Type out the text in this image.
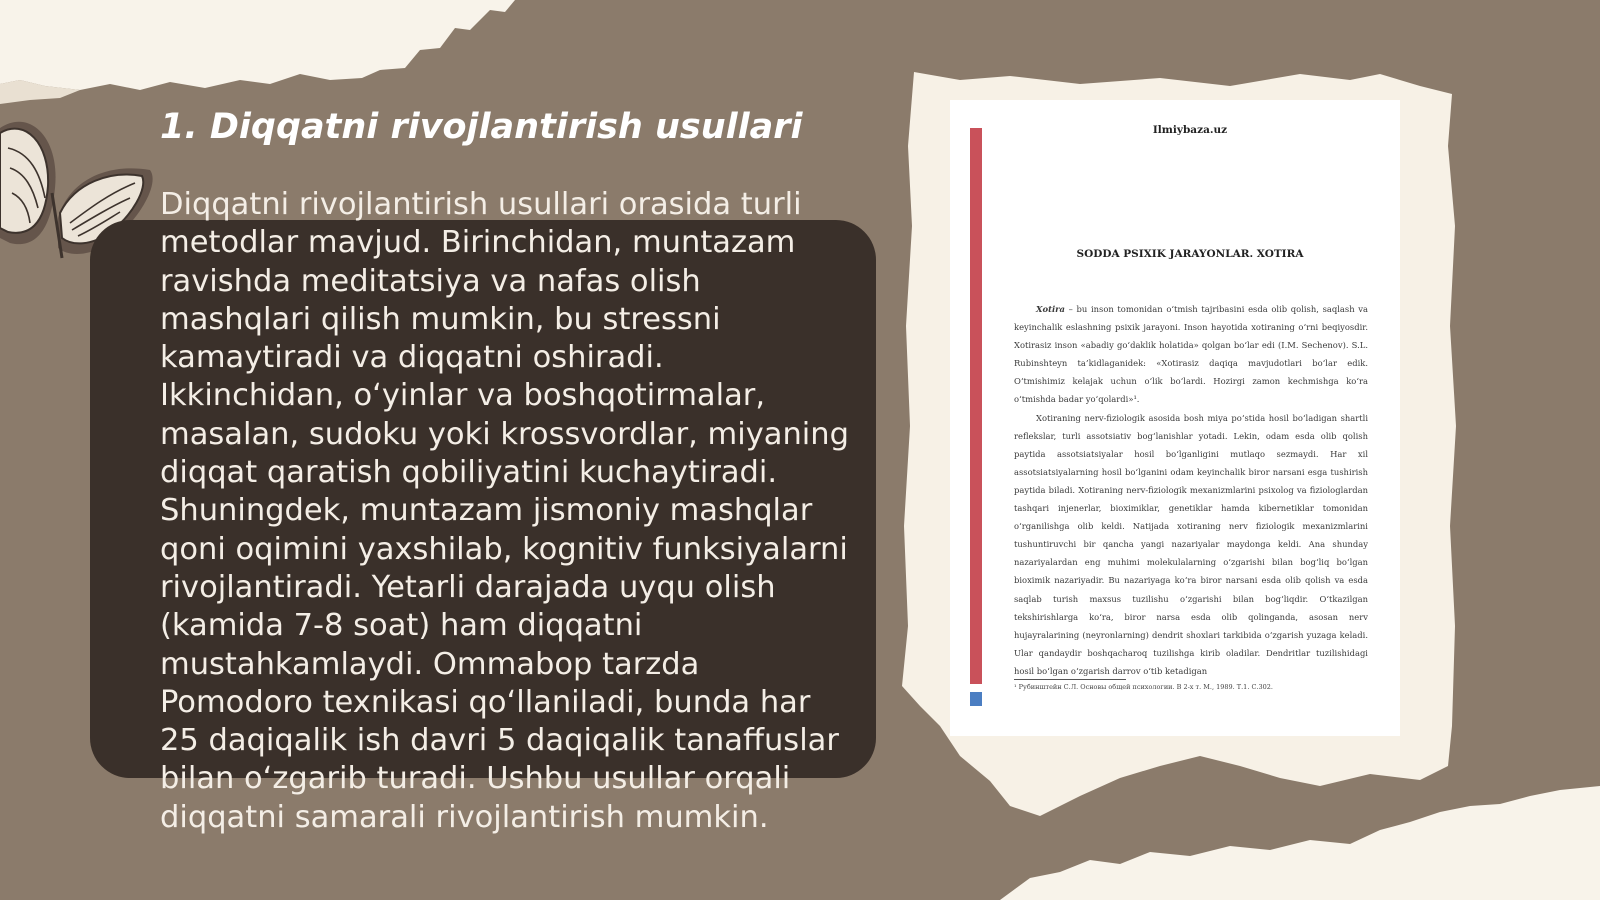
1. Diqqatni rivojlantirish usullari
Diqqatni rivojlantirish usullari orasida turli metodlar mavjud. Birinchidan, muntazam ravishda meditatsiya va nafas olish mashqlari qilish mumkin, bu stressni kamaytiradi va diqqatni oshiradi. Ikkinchidan, o‘yinlar va boshqotirmalar, masalan, sudoku yoki krossvordlar, miyaning diqqat qaratish qobiliyatini kuchaytiradi. Shuningdek, muntazam jismoniy mashqlar qoni oqimini yaxshilab, kognitiv funksiyalarni rivojlantiradi. Yetarli darajada uyqu olish (kamida 7-8 soat) ham diqqatni mustahkamlaydi. Ommabop tarzda Pomodoro texnikasi qo‘llaniladi, bunda har 25 daqiqalik ish davri 5 daqiqalik tanaffuslar bilan o‘zgarib turadi. Ushbu usullar orqali diqqatni samarali rivojlantirish mumkin.
Ilmiybaza.uz
SODDA PSIXIK JARAYONLAR. XOTIRA

Xotira – bu inson tomonidan o‘tmish tajribasini esda olib qolish, saqlash va keyinchalik eslashning psixik jarayoni. Inson hayotida xotiraning o‘rni beqiyosdir. Xotirasiz inson «abadiy go‘daklik holatida» qolgan bo‘lar edi (I.M. Sechenov). S.L. Rubinshteyn ta’kidlaganidek: «Xotirasiz daqiqa mavjudotlari bo‘lar edik. O‘tmishimiz kelajak uchun o‘lik bo‘lardi. Hozirgi zamon kechmishga ko‘ra o‘tmishda badar yo‘qolardi»¹.

Xotiraning nerv-fiziologik asosida bosh miya po‘stida hosil bo‘ladigan shartli reflekslar, turli assotsiativ bog‘lanishlar yotadi. Lekin, odam esda olib qolish paytida assotsiatsiyalar hosil bo‘lganligini mutlaqo sezmaydi. Har xil assotsiatsiyalarning hosil bo‘lganini odam keyinchalik biror narsani esga tushirish paytida biladi. Xotiraning nerv-fiziologik mexanizmlarini psixolog va fiziologlardan tashqari injenerlar, bioximiklar, genetiklar hamda kibernetiklar tomonidan o‘rganilishga olib keldi. Natijada xotiraning nerv fiziologik mexanizmlarini tushuntiruvchi bir qancha yangi nazariyalar maydonga keldi. Ana shunday nazariyalardan eng muhimi molekulalarning o‘zgarishi bilan bog‘liq bo‘lgan bioximik nazariyadir. Bu nazariyaga ko‘ra biror narsani esda olib qolish va esda saqlab turish maxsus tuzilishu o‘zgarishi bilan bog‘liqdir. O‘tkazilgan tekshirishlarga ko‘ra, biror narsa esda olib qolinganda, asosan nerv hujayralarining (neyronlarning) dendrit shoxlari tarkibida o‘zgarish yuzaga keladi. Ular qandaydir boshqacharoq tuzilishga kirib oladilar. Dendritlar tuzilishidagi hosil bo‘lgan o‘zgarish darrov o‘tib ketadigan

¹ Рубинштейн С.Л. Основы общей психологии. В 2-х т. М., 1989. Т.1. С.302.
